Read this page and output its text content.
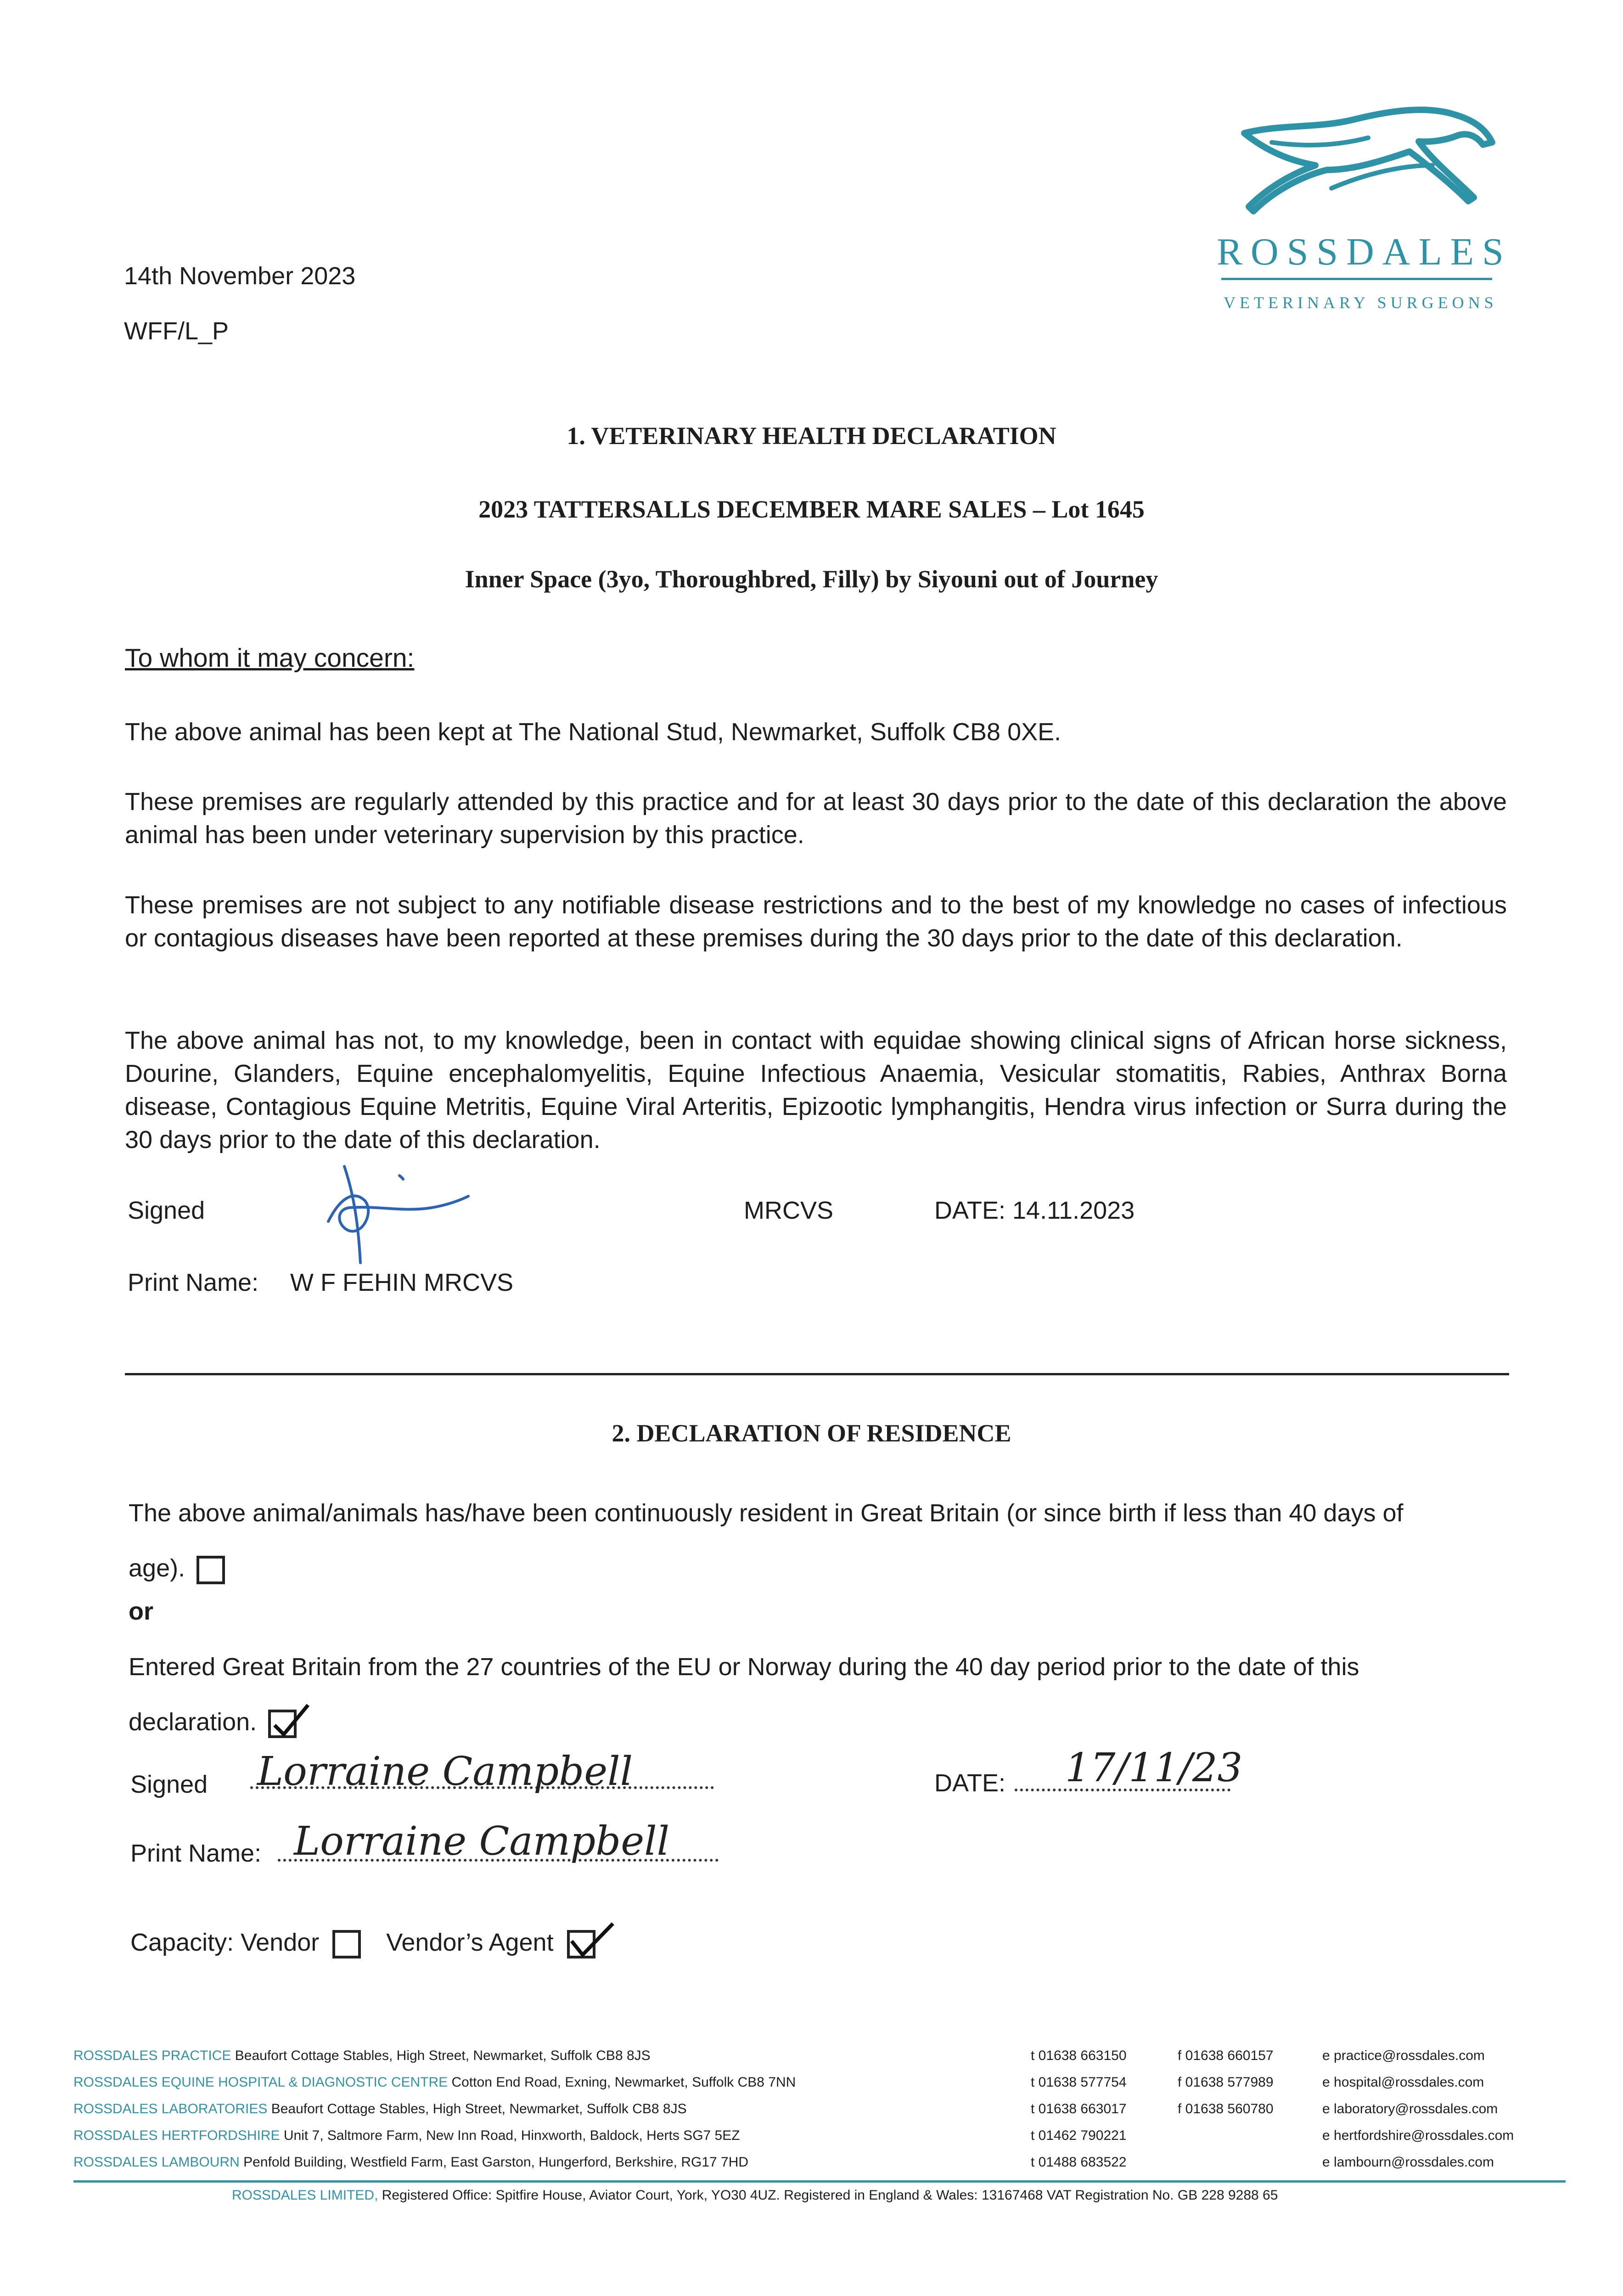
14th November 2023
WFF/L_P
ROSSDALES
VETERINARY SURGEONS
1. VETERINARY HEALTH DECLARATION
2023 TATTERSALLS DECEMBER MARE SALES – Lot 1645
Inner Space (3yo, Thoroughbred, Filly) by Siyouni out of Journey
To whom it may concern:
The above animal has been kept at The National Stud, Newmarket, Suffolk CB8 0XE.
These premises are regularly attended by this practice and for at least 30 days prior to the date of this declaration the above animal has been under veterinary supervision by this practice.
These premises are not subject to any notifiable disease restrictions and to the best of my knowledge no cases of infectious or contagious diseases have been reported at these premises during the 30 days prior to the date of this declaration.
The above animal has not, to my knowledge, been in contact with equidae showing clinical signs of African horse sickness, Dourine, Glanders, Equine encephalomyelitis, Equine Infectious Anaemia, Vesicular stomatitis, Rabies, Anthrax Borna disease, Contagious Equine Metritis, Equine Viral Arteritis, Epizootic lymphangitis, Hendra virus infection or Surra during the 30 days prior to the date of this declaration.
Signed	MRCVS	DATE: 14.11.2023
Print Name: W F FEHIN MRCVS
2. DECLARATION OF RESIDENCE
The above animal/animals has/have been continuously resident in Great Britain (or since birth if less than 40 days of age).
or
Entered Great Britain from the 27 countries of the EU or Norway during the 40 day period prior to the date of this declaration.
Signed Lorraine Campbell	DATE: 17/11/23
Print Name: Lorraine Campbell
Capacity: Vendor	Vendor’s Agent
ROSSDALES PRACTICE Beaufort Cottage Stables, High Street, Newmarket, Suffolk CB8 8JS	t 01638 663150	f 01638 660157	e practice@rossdales.com
ROSSDALES EQUINE HOSPITAL & DIAGNOSTIC CENTRE Cotton End Road, Exning, Newmarket, Suffolk CB8 7NN	t 01638 577754	f 01638 577989	e hospital@rossdales.com
ROSSDALES LABORATORIES Beaufort Cottage Stables, High Street, Newmarket, Suffolk CB8 8JS	t 01638 663017	f 01638 560780	e laboratory@rossdales.com
ROSSDALES HERTFORDSHIRE Unit 7, Saltmore Farm, New Inn Road, Hinxworth, Baldock, Herts SG7 5EZ	t 01462 790221	e hertfordshire@rossdales.com
ROSSDALES LAMBOURN Penfold Building, Westfield Farm, East Garston, Hungerford, Berkshire, RG17 7HD	t 01488 683522	e lambourn@rossdales.com
ROSSDALES LIMITED, Registered Office: Spitfire House, Aviator Court, York, YO30 4UZ. Registered in England & Wales: 13167468 VAT Registration No. GB 228 9288 65
